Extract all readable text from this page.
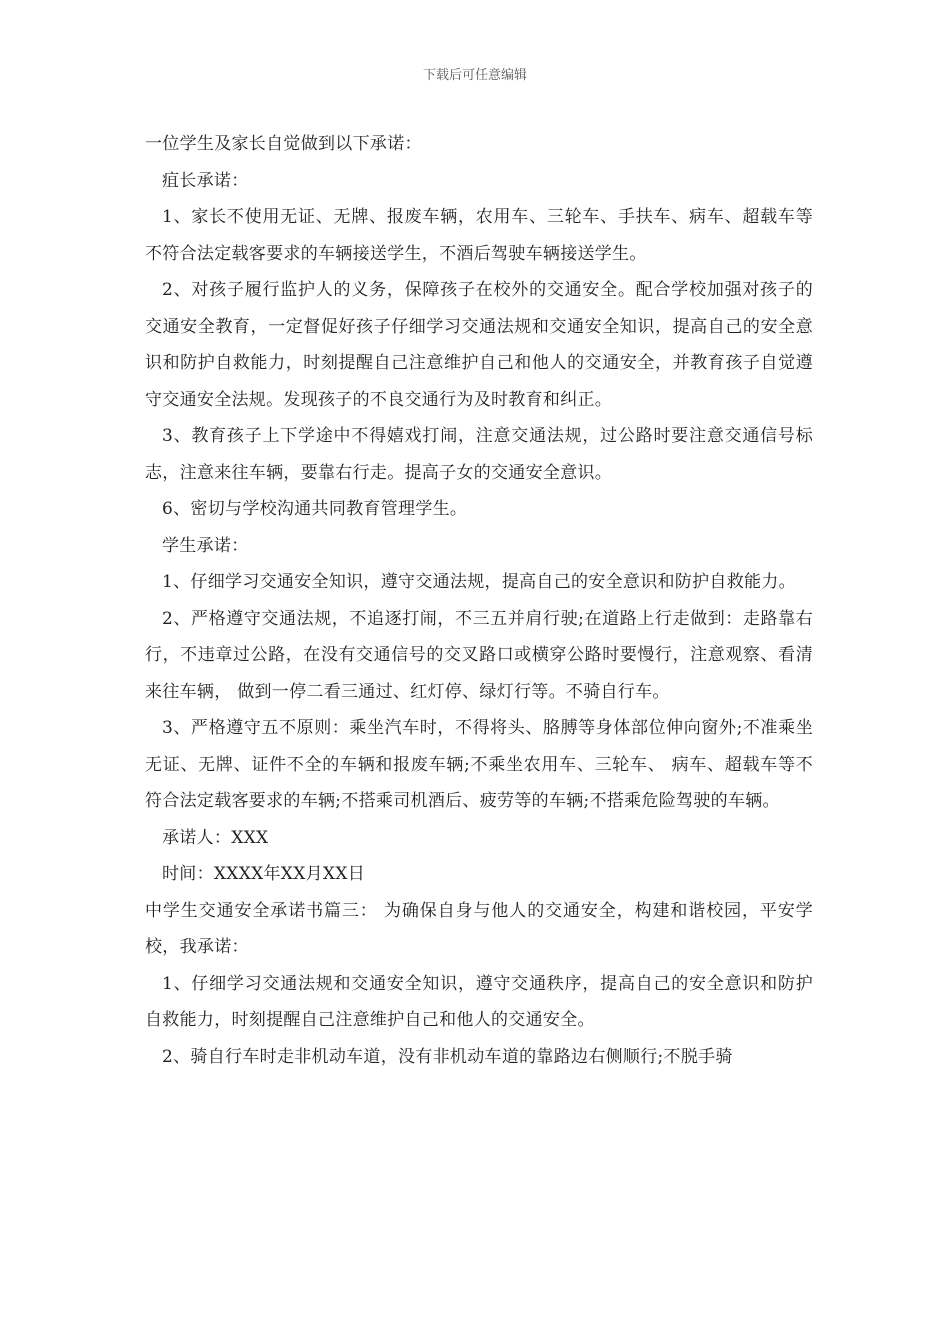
下载后可任意编辑

一位学生及家长自觉做到以下承诺：

疽长承诺：

1、家长不使用无证、无牌、报废车辆，农用车、三轮车、手扶车、病车、超载车等不符合法定载客要求的车辆接送学生，不酒后驾驶车辆接送学生。

2、对孩子履行监护人的义务，保障孩子在校外的交通安全。配合学校加强对孩子的交通安全教育，一定督促好孩子仔细学习交通法规和交通安全知识，提高自己的安全意识和防护自救能力，时刻提醒自己注意维护自己和他人的交通安全，并教育孩子自觉遵守交通安全法规。发现孩子的不良交通行为及时教育和纠正。

3、教育孩子上下学途中不得嬉戏打闹，注意交通法规，过公路时要注意交通信号标志，注意来往车辆，要靠右行走。提高子女的交通安全意识。

6、密切与学校沟通共同教育管理学生。

学生承诺：

1、仔细学习交通安全知识，遵守交通法规，提高自己的安全意识和防护自救能力。

2、严格遵守交通法规，不追逐打闹，不三五并肩行驶;在道路上行走做到：走路靠右行，不违章过公路，在没有交通信号的交叉路口或横穿公路时要慢行，注意观察、看清来往车辆， 做到一停二看三通过、红灯停、绿灯行等。不骑自行车。

3、严格遵守五不原则：乘坐汽车时，不得将头、胳膊等身体部位伸向窗外;不准乘坐无证、无牌、证件不全的车辆和报废车辆;不乘坐农用车、三轮车、 病车、超载车等不符合法定载客要求的车辆;不搭乘司机酒后、疲劳等的车辆;不搭乘危险驾驶的车辆。

承诺人：XXX

时间：XXXX年XX月XX日

中学生交通安全承诺书篇三： 为确保自身与他人的交通安全，构建和谐校园，平安学校，我承诺：

1、仔细学习交通法规和交通安全知识，遵守交通秩序，提高自己的安全意识和防护自救能力，时刻提醒自己注意维护自己和他人的交通安全。

2、骑自行车时走非机动车道，没有非机动车道的靠路边右侧顺行;不脱手骑
